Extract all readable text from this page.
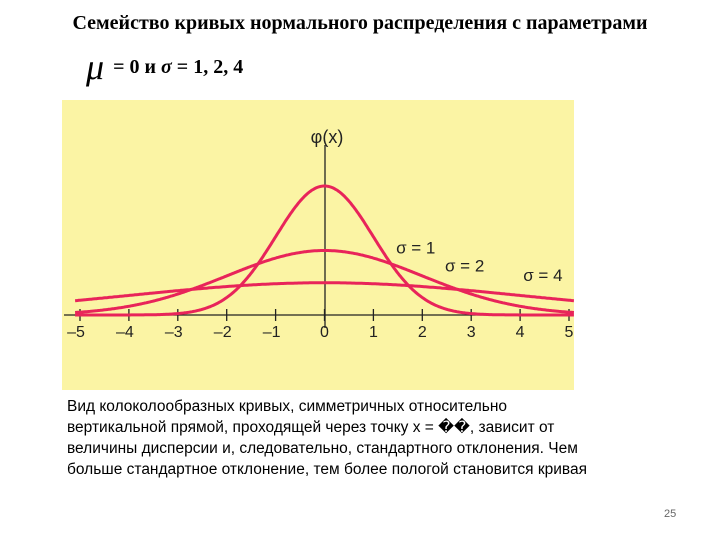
Семейство кривых нормального распределения с параметрами
μ = 0 и σ = 1, 2, 4
φ(x)
–5 –4 –3 –2 –1 0 1 2 3 4 5
σ = 1
σ = 2 σ = 4

Вид колоколообразных кривых, симметричных относительно

вертикальной прямой, проходящей через точку x = ��, зависит от

величины дисперсии и, следовательно, стандартного отклонения. Чем

больше стандартное отклонение, тем более пологой становится кривая

25
